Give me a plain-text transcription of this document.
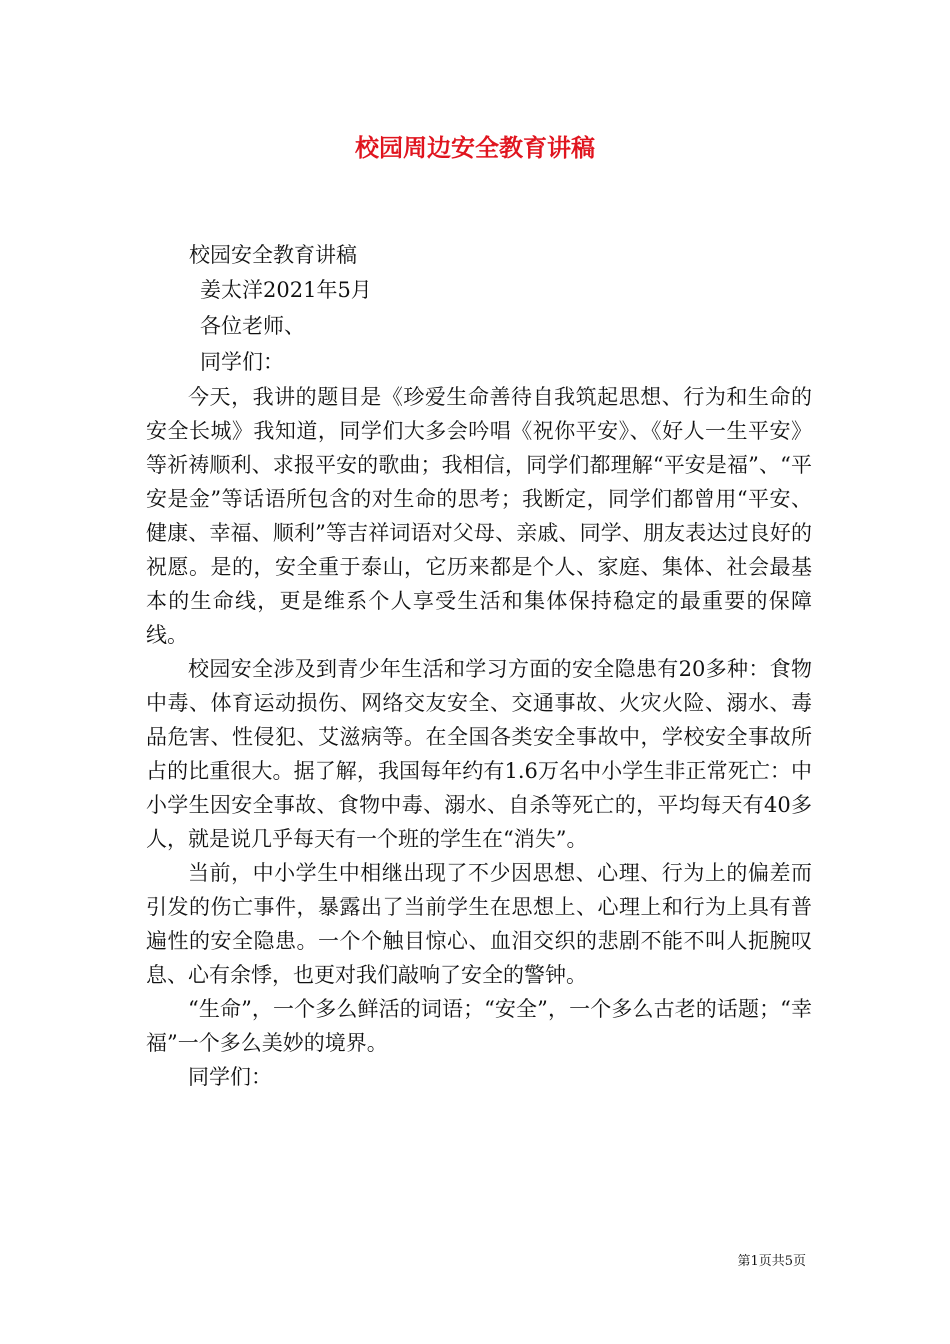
校园周边安全教育讲稿
校园安全教育讲稿
姜太洋2021年5月
各位老师、
同学们：

今天，我讲的题目是《珍爱生命善待自我筑起思想、行为和生命的安全长城》我知道，同学们大多会吟唱《祝你平安》、《好人一生平安》等祈祷顺利、求报平安的歌曲；我相信，同学们都理解“平安是福”、“平安是金”等话语所包含的对生命的思考；我断定，同学们都曾用“平安、健康、幸福、顺利”等吉祥词语对父母、亲戚、同学、朋友表达过良好的祝愿。是的，安全重于泰山，它历来都是个人、家庭、集体、社会最基本的生命线，更是维系个人享受生活和集体保持稳定的最重要的保障线。

校园安全涉及到青少年生活和学习方面的安全隐患有20多种：食物中毒、体育运动损伤、网络交友安全、交通事故、火灾火险、溺水、毒品危害、性侵犯、艾滋病等。在全国各类安全事故中，学校安全事故所占的比重很大。据了解，我国每年约有1.6万名中小学生非正常死亡：中小学生因安全事故、食物中毒、溺水、自杀等死亡的，平均每天有40多人，就是说几乎每天有一个班的学生在“消失”。

当前，中小学生中相继出现了不少因思想、心理、行为上的偏差而引发的伤亡事件，暴露出了当前学生在思想上、心理上和行为上具有普遍性的安全隐患。一个个触目惊心、血泪交织的悲剧不能不叫人扼腕叹息、心有余悸，也更对我们敲响了安全的警钟。

“生命”，一个多么鲜活的词语；“安全”，一个多么古老的话题；“幸福”一个多么美妙的境界。

同学们：

第1页共5页
